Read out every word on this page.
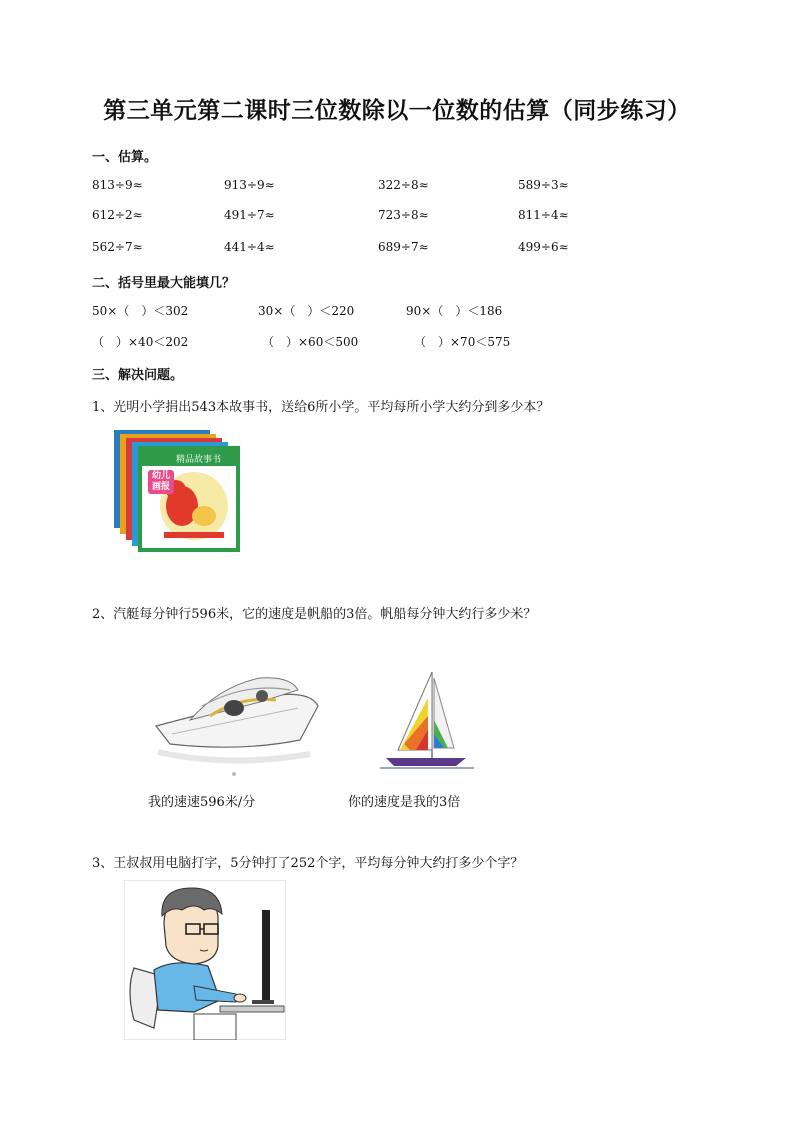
第三单元第二课时三位数除以一位数的估算（同步练习）
一、估算。
813÷9≈	913÷9≈	322÷8≈	589÷3≈
612÷2≈	491÷7≈	723÷8≈	811÷4≈
562÷7≈	441÷4≈	689÷7≈	499÷6≈
二、括号里最大能填几？
50×（　）＜302	30×（　）＜220	90×（　）＜186
（　）×40＜202	（　）×60＜500	（　）×70＜575
三、解决问题。
1、光明小学捐出543本故事书，送给6所小学。平均每所小学大约分到多少本？
幼儿画报
精品故事书
2、汽艇每分钟行596米，它的速度是帆船的3倍。帆船每分钟大约行多少米？
我的速速596米/分	你的速度是我的3倍
3、王叔叔用电脑打字，5分钟打了252个字，平均每分钟大约打多少个字？
